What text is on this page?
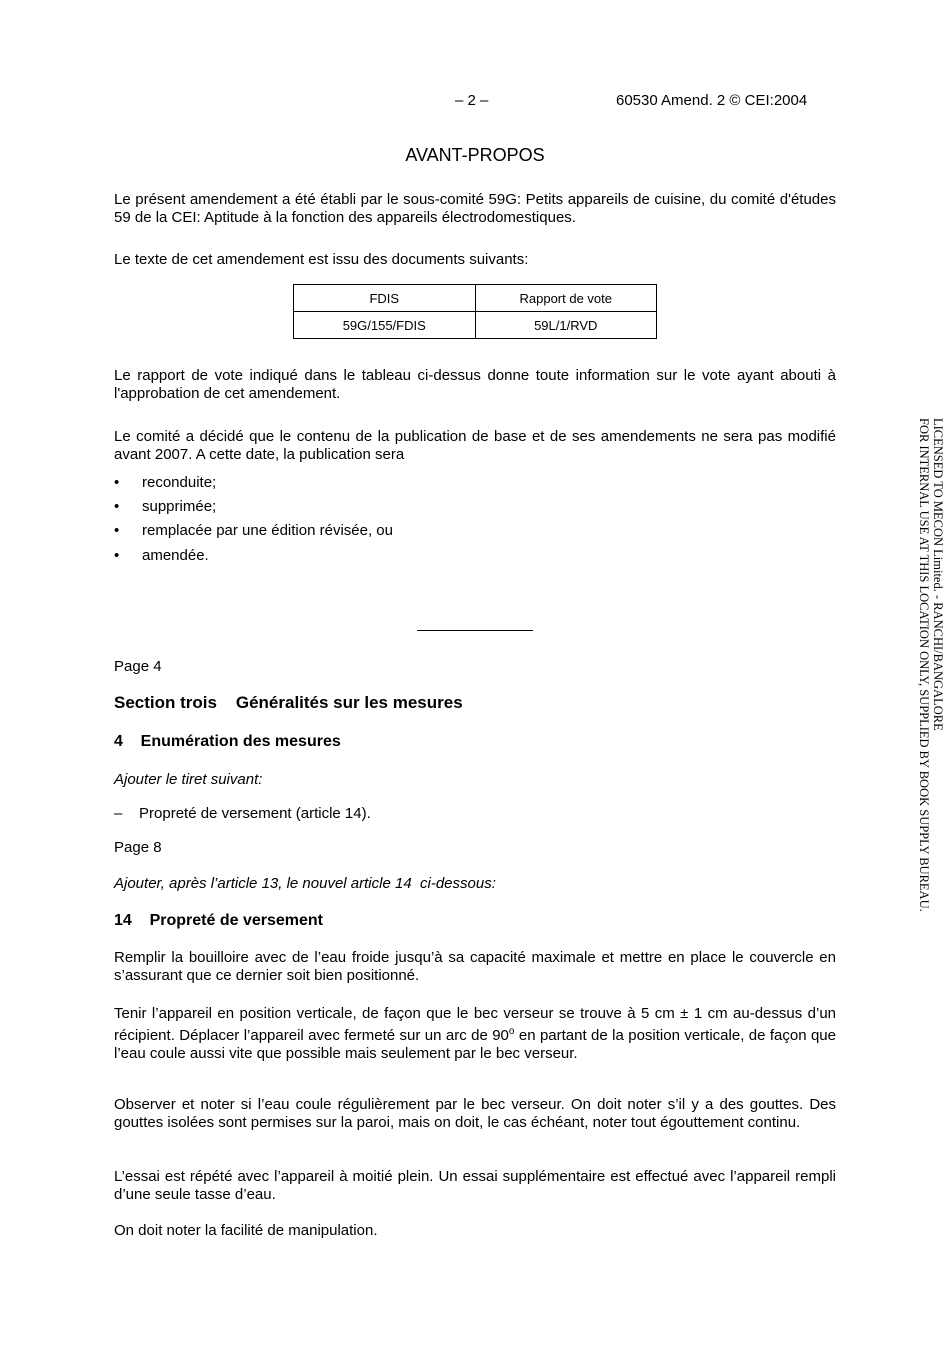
– 2 –	60530 Amend. 2 © CEI:2004
AVANT-PROPOS

Le présent amendement a été établi par le sous-comité 59G: Petits appareils de cuisine, du comité d'études 59 de la CEI: Aptitude à la fonction des appareils électrodomestiques.

Le texte de cet amendement est issu des documents suivants:

FDIS	Rapport de vote
59G/155/FDIS	59L/1/RVD

Le rapport de vote indiqué dans le tableau ci-dessus donne toute information sur le vote ayant abouti à l'approbation de cet amendement.

Le comité a décidé que le contenu de la publication de base et de ses amendements ne sera pas modifié avant 2007. A cette date, la publication sera

• reconduite;
• supprimée;
• remplacée par une édition révisée, ou
• amendée.

Page 4

Section trois    Généralités sur les mesures

4    Enumération des mesures

Ajouter le tiret suivant:

–    Propreté de versement (article 14).

Page 8

Ajouter, après l’article 13, le nouvel article 14  ci-dessous:

14    Propreté de versement

Remplir la bouilloire avec de l’eau froide jusqu’à sa capacité maximale et mettre en place le couvercle en s’assurant que ce dernier soit bien positionné.

Tenir l’appareil en position verticale, de façon que le bec verseur se trouve à 5 cm ± 1 cm au-dessus d’un récipient. Déplacer l’appareil avec fermeté sur un arc de 90$^o$ en partant de la position verticale, de façon que l’eau coule aussi vite que possible mais seulement par le bec verseur.

Observer et noter si l’eau coule régulièrement par le bec verseur. On doit noter s’il y a des gouttes. Des gouttes isolées sont permises sur la paroi, mais on doit, le cas échéant, noter tout égouttement continu.

L’essai est répété avec l’appareil à moitié plein. Un essai supplémentaire est effectué avec l’appareil rempli d’une seule tasse d’eau.

On doit noter la facilité de manipulation.

LICENSED TO MECON Limited. - RANCHI/BANGALORE
FOR INTERNAL USE AT THIS LOCATION ONLY, SUPPLIED BY BOOK SUPPLY BUREAU.
